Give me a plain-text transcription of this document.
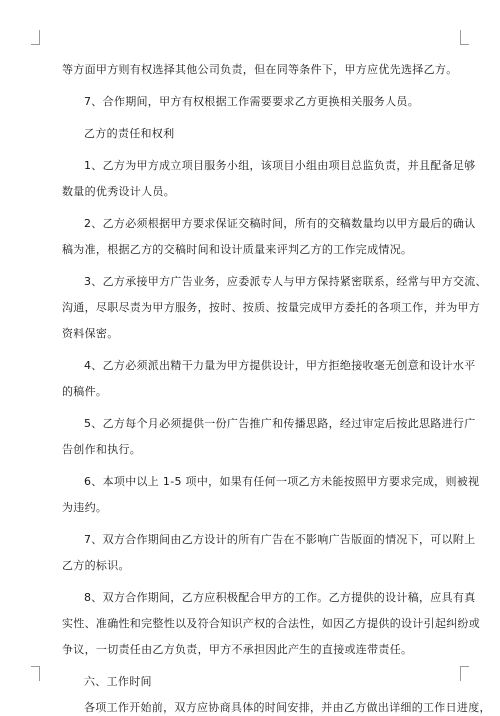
等方面甲方则有权选择其他公司负责，但在同等条件下，甲方应优先选择乙方。
7、合作期间，甲方有权根据工作需要要求乙方更换相关服务人员。
乙方的责任和权利
1、乙方为甲方成立项目服务小组，该项目小组由项目总监负责，并且配备足够
数量的优秀设计人员。
2、乙方必须根据甲方要求保证交稿时间，所有的交稿数量均以甲方最后的确认
稿为准，根据乙方的交稿时间和设计质量来评判乙方的工作完成情况。
3、乙方承接甲方广告业务，应委派专人与甲方保持紧密联系，经常与甲方交流、
沟通，尽职尽责为甲方服务，按时、按质、按量完成甲方委托的各项工作，并为甲方
资料保密。
4、乙方必须派出精干力量为甲方提供设计，甲方拒绝接收毫无创意和设计水平
的稿件。
5、乙方每个月必须提供一份广告推广和传播思路，经过审定后按此思路进行广
告创作和执行。
6、本项中以上 1-5 项中，如果有任何一项乙方未能按照甲方要求完成，则被视
为违约。
7、双方合作期间由乙方设计的所有广告在不影响广告版面的情况下，可以附上
乙方的标识。
8、双方合作期间，乙方应积极配合甲方的工作。乙方提供的设计稿，应具有真
实性、准确性和完整性以及符合知识产权的合法性，如因乙方提供的设计引起纠纷或
争议，一切责任由乙方负责，甲方不承担因此产生的直接或连带责任。
六、工作时间
各项工作开始前，双方应协商具体的时间安排，并由乙方做出详细的工作日进度，
